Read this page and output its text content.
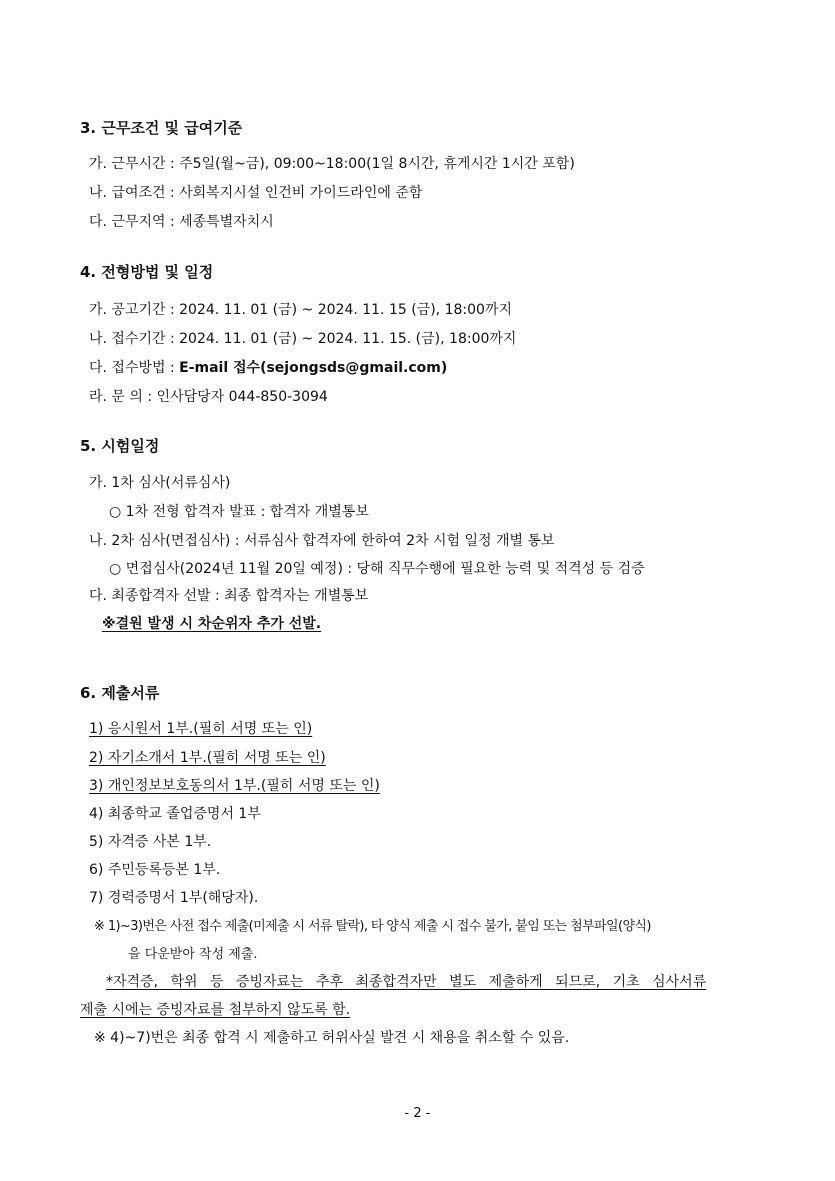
3. 근무조건 및 급여기준
가. 근무시간 : 주5일(월~금), 09:00~18:00(1일 8시간, 휴게시간 1시간 포함)
나. 급여조건 : 사회복지시설 인건비 가이드라인에 준함
다. 근무지역 : 세종특별자치시
4. 전형방법 및 일정
가. 공고기간 : 2024. 11. 01 (금) ~ 2024. 11. 15 (금), 18:00까지
나. 접수기간 : 2024. 11. 01 (금) ~ 2024. 11. 15. (금), 18:00까지
다. 접수방법 : E-mail 접수(sejongsds@gmail.com)
라. 문 의 : 인사담당자 044-850-3094
5. 시험일정
가. 1차 심사(서류심사)
○ 1차 전형 합격자 발표 : 합격자 개별통보
나. 2차 심사(면접심사) : 서류심사 합격자에 한하여 2차 시험 일정 개별 통보
○ 면접심사(2024년 11월 20일 예정) : 당해 직무수행에 필요한 능력 및 적격성 등 검증
다. 최종합격자 선발 : 최종 합격자는 개별통보
※결원 발생 시 차순위자 추가 선발.
6. 제출서류
1) 응시원서 1부.(필히 서명 또는 인)
2) 자기소개서 1부.(필히 서명 또는 인)
3) 개인정보보호동의서 1부.(필히 서명 또는 인)
4) 최종학교 졸업증명서 1부
5) 자격증 사본 1부.
6) 주민등록등본 1부.
7) 경력증명서 1부(해당자).
※ 1)~3)번은 사전 접수 제출(미제출 시 서류 탈락), 타 양식 제출 시 접수 불가, 붙임 또는 첨부파일(양식)
을 다운받아 작성 제출.
*자격증, 학위 등 증빙자료는 추후 최종합격자만 별도 제출하게 되므로, 기초 심사서류
제출 시에는 증빙자료를 첨부하지 않도록 함.
※ 4)~7)번은 최종 합격 시 제출하고 허위사실 발견 시 채용을 취소할 수 있음.
- 2 -
